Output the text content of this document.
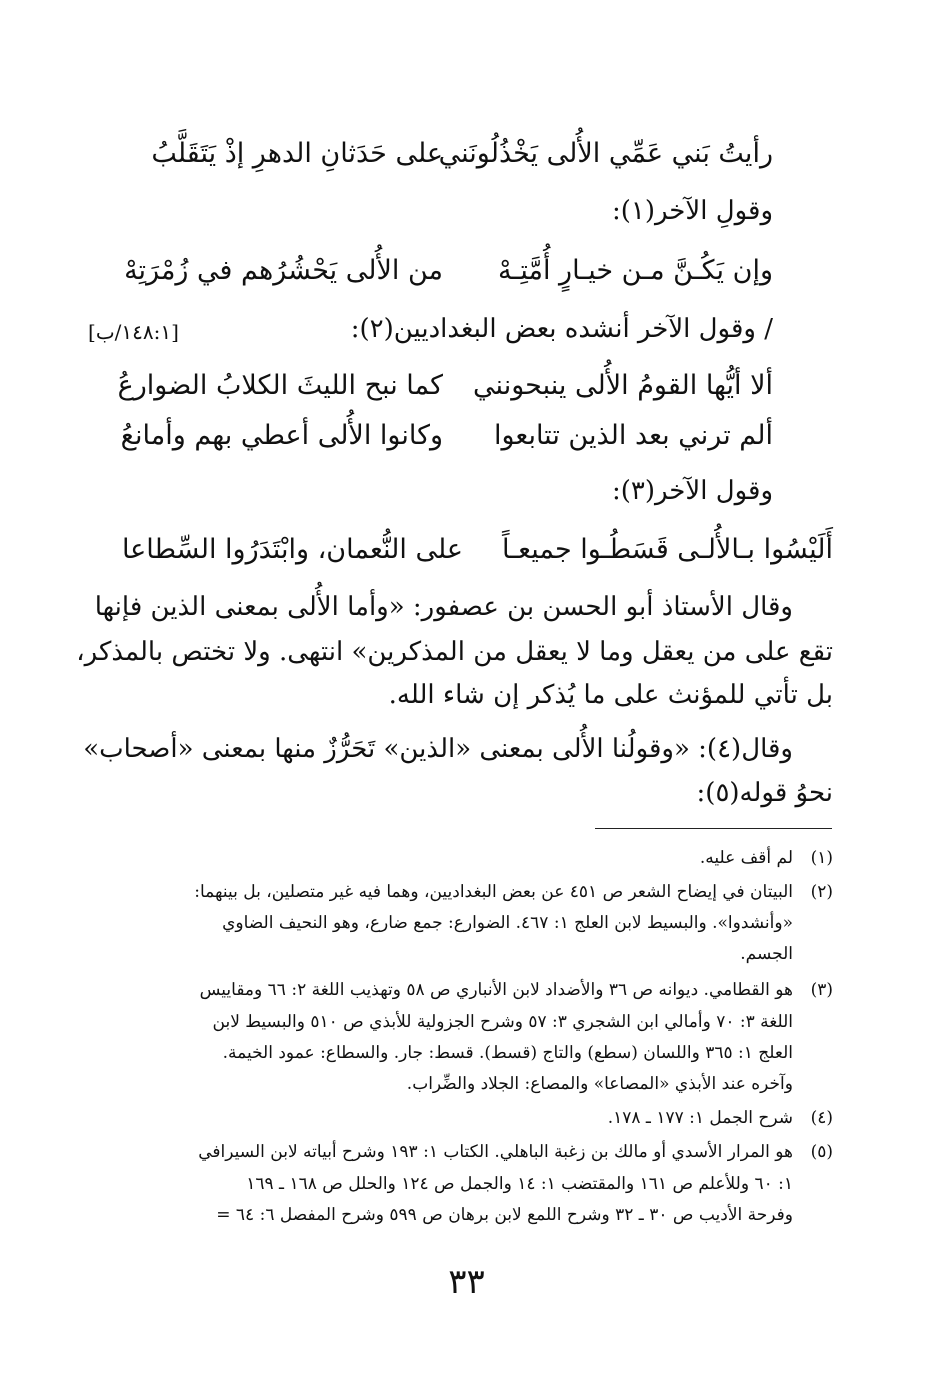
رأيتُ بَني عَمِّي الأُلى يَخْذُلُونَني
على حَدَثانِ الدهرِ إذْ يَتَقَلَّبُ
وقولِ الآخر(١):
وإن يَكُـنَّ مـن خيـارٍ أُمَّتِـهْ
من الأُلى يَحْشُرُهم في زُمْرَتِهْ
/ وقول الآخر أنشده بعض البغداديين(٢):
[١٤٨:١/ب]
ألا أيُّها القومُ الأُلى ينبحونني
كما نبح الليثَ الكلابُ الضوارعُ
ألم ترني بعد الذين تتابعوا
وكانوا الأُلى أعطي بهم وأمانعُ
وقول الآخر(٣):
أَلَيْسُوا بـالأُلـى قَسَطُـوا جميعـاً
على النُّعمان، وابْتَدَرُوا السِّطاعا
وقال الأستاذ أبو الحسن بن عصفور: «وأما الأُلى بمعنى الذين فإنها
تقع على من يعقل وما لا يعقل من المذكرين» انتهى. ولا تختص بالمذكر،
بل تأتي للمؤنث على ما يُذكر إن شاء الله.
وقال(٤): «وقولُنا الأُلى بمعنى «الذين» تَحَرُّزٌ منها بمعنى «أصحاب»
نحوُ قوله(٥):
(١)لم أقف عليه.
(٢)البيتان في إيضاح الشعر ص ٤٥١ عن بعض البغداديين، وهما فيه غير متصلين، بل بينهما:
«وأنشدوا». والبسيط لابن العلج ١: ٤٦٧. الضوارع: جمع ضارع، وهو النحيف الضاوي
الجسم.
(٣)هو القطامي. ديوانه ص ٣٦ والأضداد لابن الأنباري ص ٥٨ وتهذيب اللغة ٢: ٦٦ ومقاييس
اللغة ٣: ٧٠ وأمالي ابن الشجري ٣: ٥٧ وشرح الجزولية للأبذي ص ٥١٠ والبسيط لابن
العلج ١: ٣٦٥ واللسان (سطع) والتاج (قسط). قسط: جار. والسطاع: عمود الخيمة.
وآخره عند الأبذي «المصاعا» والمصاع: الجلاد والضِّراب.
(٤)شرح الجمل ١: ١٧٧ ـ ١٧٨.
(٥)هو المرار الأسدي أو مالك بن زغبة الباهلي. الكتاب ١: ١٩٣ وشرح أبياته لابن السيرافي
١: ٦٠ وللأعلم ص ١٦١ والمقتضب ١: ١٤ والجمل ص ١٢٤ والحلل ص ١٦٨ ـ ١٦٩
وفرحة الأديب ص ٣٠ ـ ٣٢ وشرح اللمع لابن برهان ص ٥٩٩ وشرح المفصل ٦: ٦٤ =
٣٣
